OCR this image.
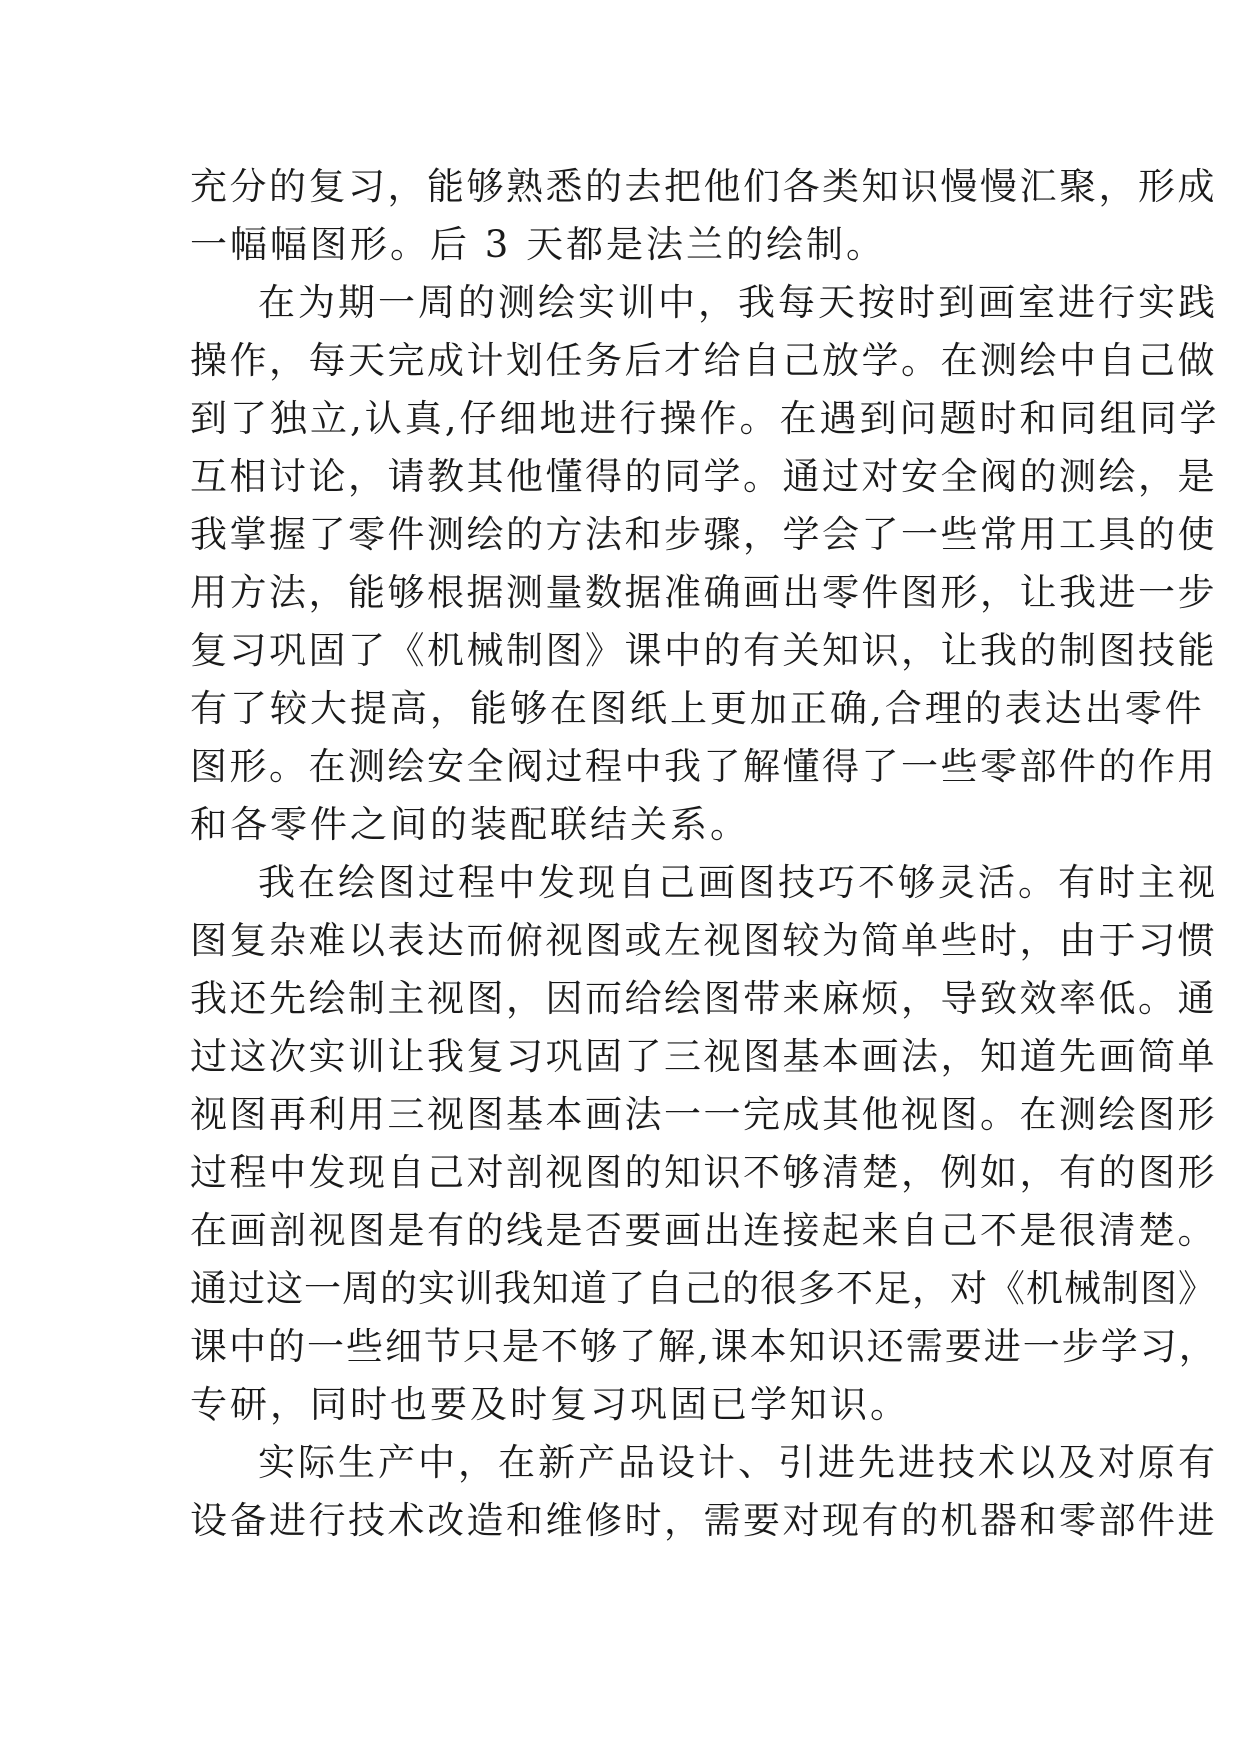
充分的复习，能够熟悉的去把他们各类知识慢慢汇聚，形成
一幅幅图形。后 3 天都是法兰的绘制。
在为期一周的测绘实训中，我每天按时到画室进行实践
操作，每天完成计划任务后才给自己放学。在测绘中自己做
到了独立,认真,仔细地进行操作。在遇到问题时和同组同学
互相讨论，请教其他懂得的同学。通过对安全阀的测绘，是
我掌握了零件测绘的方法和步骤，学会了一些常用工具的使
用方法，能够根据测量数据准确画出零件图形，让我进一步
复习巩固了《机械制图》课中的有关知识，让我的制图技能
有了较大提高，能够在图纸上更加正确,合理的表达出零件
图形。在测绘安全阀过程中我了解懂得了一些零部件的作用
和各零件之间的装配联结关系。
我在绘图过程中发现自己画图技巧不够灵活。有时主视
图复杂难以表达而俯视图或左视图较为简单些时，由于习惯
我还先绘制主视图，因而给绘图带来麻烦，导致效率低。通
过这次实训让我复习巩固了三视图基本画法，知道先画简单
视图再利用三视图基本画法一一完成其他视图。在测绘图形
过程中发现自己对剖视图的知识不够清楚，例如，有的图形
在画剖视图是有的线是否要画出连接起来自己不是很清楚。
通过这一周的实训我知道了自己的很多不足，对《机械制图》
课中的一些细节只是不够了解,课本知识还需要进一步学习，
专研，同时也要及时复习巩固已学知识。
实际生产中，在新产品设计、引进先进技术以及对原有
设备进行技术改造和维修时，需要对现有的机器和零部件进
